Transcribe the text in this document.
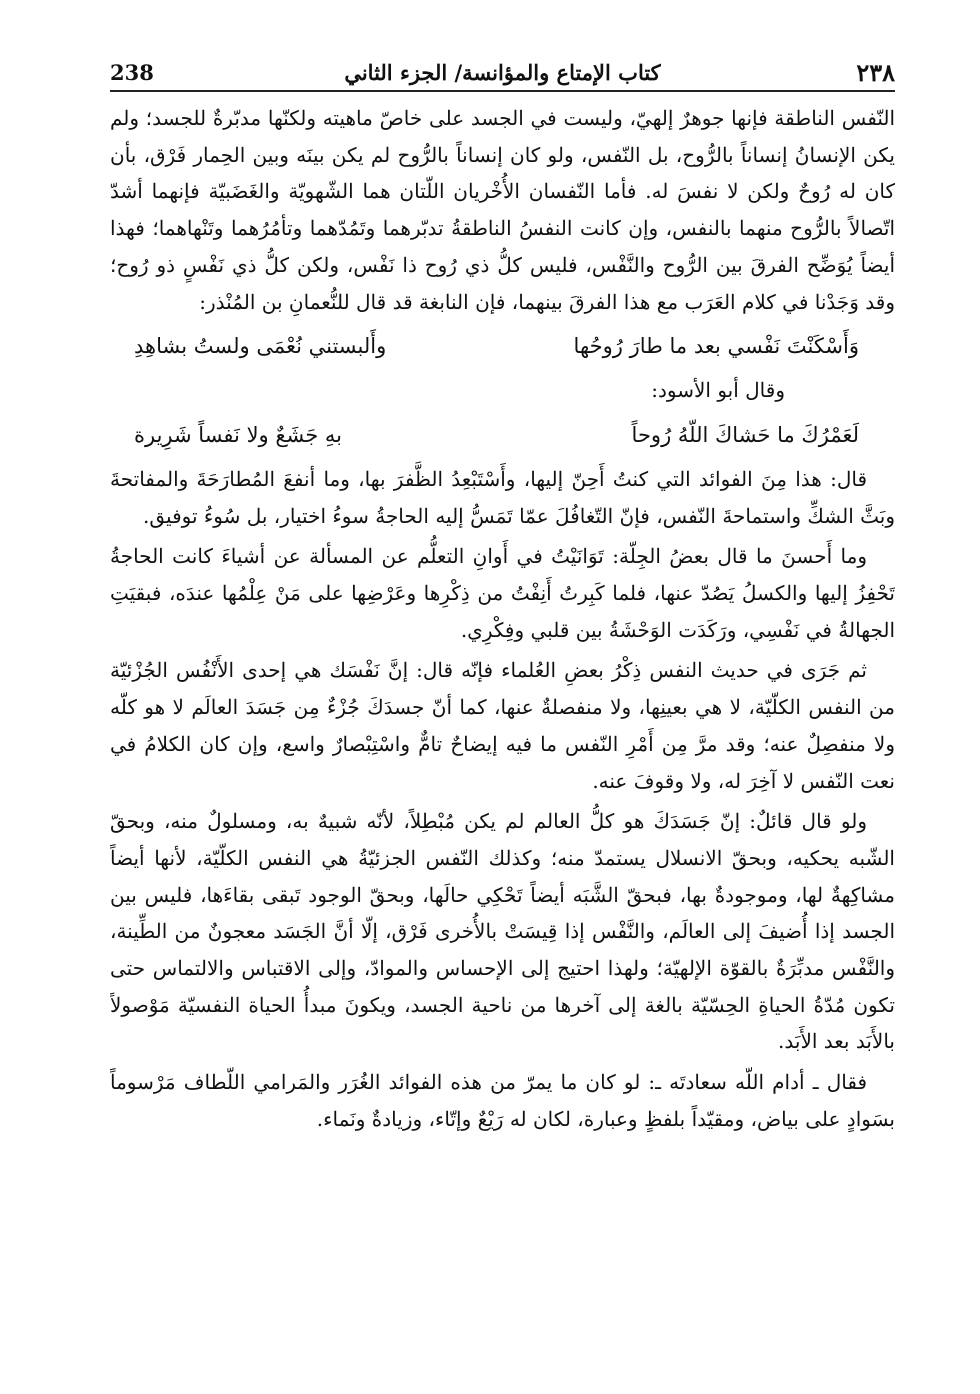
٢٣٨
كتاب الإمتاع والمؤانسة/ الجزء الثاني
238

النّفس الناطقة فإنها جوهرٌ إلهيّ، وليست في الجسد على خاصّ ماهيته ولكنّها مدبّرةٌ للجسد؛ ولم يكن الإنسانُ إنساناً بالرُّوح، بل النّفس، ولو كان إنساناً بالرُّوح لم يكن بينَه وبين الحِمار فَرْق، بأن كان له رُوحٌ ولكن لا نفسَ له. فأما النّفسان الأُخْريان اللّتان هما الشّهويّة والغَضَبيّة فإنهما أشدّ اتّصالاً بالرُّوح منهما بالنفس، وإن كانت النفسُ الناطقةُ تدبّرهما وتَمُدّهما وتأمُرُهما وتَنْهاهما؛ فهذا أيضاً يُوَضِّح الفرقَ بين الرُّوح والنَّفْس، فليس كلُّ ذي رُوح ذا نَفْس، ولكن كلُّ ذي نَفْسٍ ذو رُوح؛ وقد وَجَدْنا في كلام العَرَب مع هذا الفرقَ بينهما، فإن النابغة قد قال للنُّعمانِ بن المُنْذر:

وَأَسْكَنْتَ نَفْسي بعد ما طارَ رُوحُها
وأَلبستني نُعْمَى ولستُ بشاهِدِ
وقال أبو الأسود:
لَعَمْرُكَ ما حَشاكَ اللّهُ رُوحاً
بهِ جَشَعٌ ولا نَفساً شَرِيرة

قال: هذا مِنَ الفوائد التي كنتُ أَحِنّ إليها، وأَسْتَبْعِدُ الظَّفرَ بها، وما أنفعَ المُطارَحَةَ والمفاتحةَ وبَثَّ الشكِّ واستماحةَ النّفس، فإنّ التّغافُلَ عمّا تَمَسُّ إليه الحاجةُ سوءُ اختيار، بل سُوءُ توفيق.

وما أَحسنَ ما قال بعضُ الجِلّة: تَوَانَيْتُ في أَوانِ التعلُّم عن المسألة عن أشياءَ كانت الحاجةُ تَحْفِزُ إليها والكسلُ يَصُدّ عنها، فلما كَبِرتُ أَنِفْتُ من ذِكْرِها وعَرْضِها على مَنْ عِلْمُها عندَه، فبقيَتِ الجهالةُ في نَفْسِي، ورَكَدَت الوَحْشَةُ بين قلبي وفِكْرِي.

ثم جَرَى في حديث النفس ذِكْرُ بعضِ العُلماء فإنّه قال: إنَّ نَفْسَك هي إحدى الأَنْفُس الجُزْئيّة من النفس الكلّيّة، لا هي بعينِها، ولا منفصلةٌ عنها، كما أنّ جسدَكَ جُزْءٌ مِن جَسَدَ العالَم لا هو كلّه ولا منفصِلٌ عنه؛ وقد مرَّ مِن أَمْرِ النّفس ما فيه إيضاحٌ تامٌّ واسْتِبْصارٌ واسع، وإن كان الكلامُ في نعت النّفس لا آخِرَ له، ولا وقوفَ عنه.

ولو قال قائلٌ: إنّ جَسَدَكَ هو كلُّ العالم لم يكن مُبْطِلاً، لأنّه شبيهٌ به، ومسلولٌ منه، وبحقّ الشّبه يحكيه، وبحقّ الانسلال يستمدّ منه؛ وكذلك النّفس الجزئيّةُ هي النفس الكلّيّة، لأنها أيضاً مشاكِهةٌ لها، وموجودةٌ بها، فبحقّ الشَّبَه أيضاً تَحْكِي حالَها، وبحقّ الوجود تَبقى بقاءَها، فليس بين الجسد إذا أُضيفَ إلى العالَم، والنَّفْس إذا قِيسَتْ بالأُخرى فَرْق، إلّا أنَّ الجَسَد معجونٌ من الطِّينة، والنَّفْس مدبِّرَةٌ بالقوّة الإلهيّة؛ ولهذا احتيج إلى الإحساس والموادّ، وإلى الاقتباس والالتماس حتى تكون مُدّةُ الحياةِ الحِسّيّة بالغة إلى آخرها من ناحية الجسد، ويكونَ مبدأُ الحياة النفسيّة مَوْصولاً بالأَبَد بعد الأَبَد.

فقال ـ أدام اللّه سعادتَه ـ: لو كان ما يمرّ من هذه الفوائد الغُرَر والمَرامي اللّطاف مَرْسوماً بسَوادٍ على بياض، ومقيّداً بلفظٍ وعبارة، لكان له رَيْعٌ وإتّاء، وزيادةٌ ونَماء.
